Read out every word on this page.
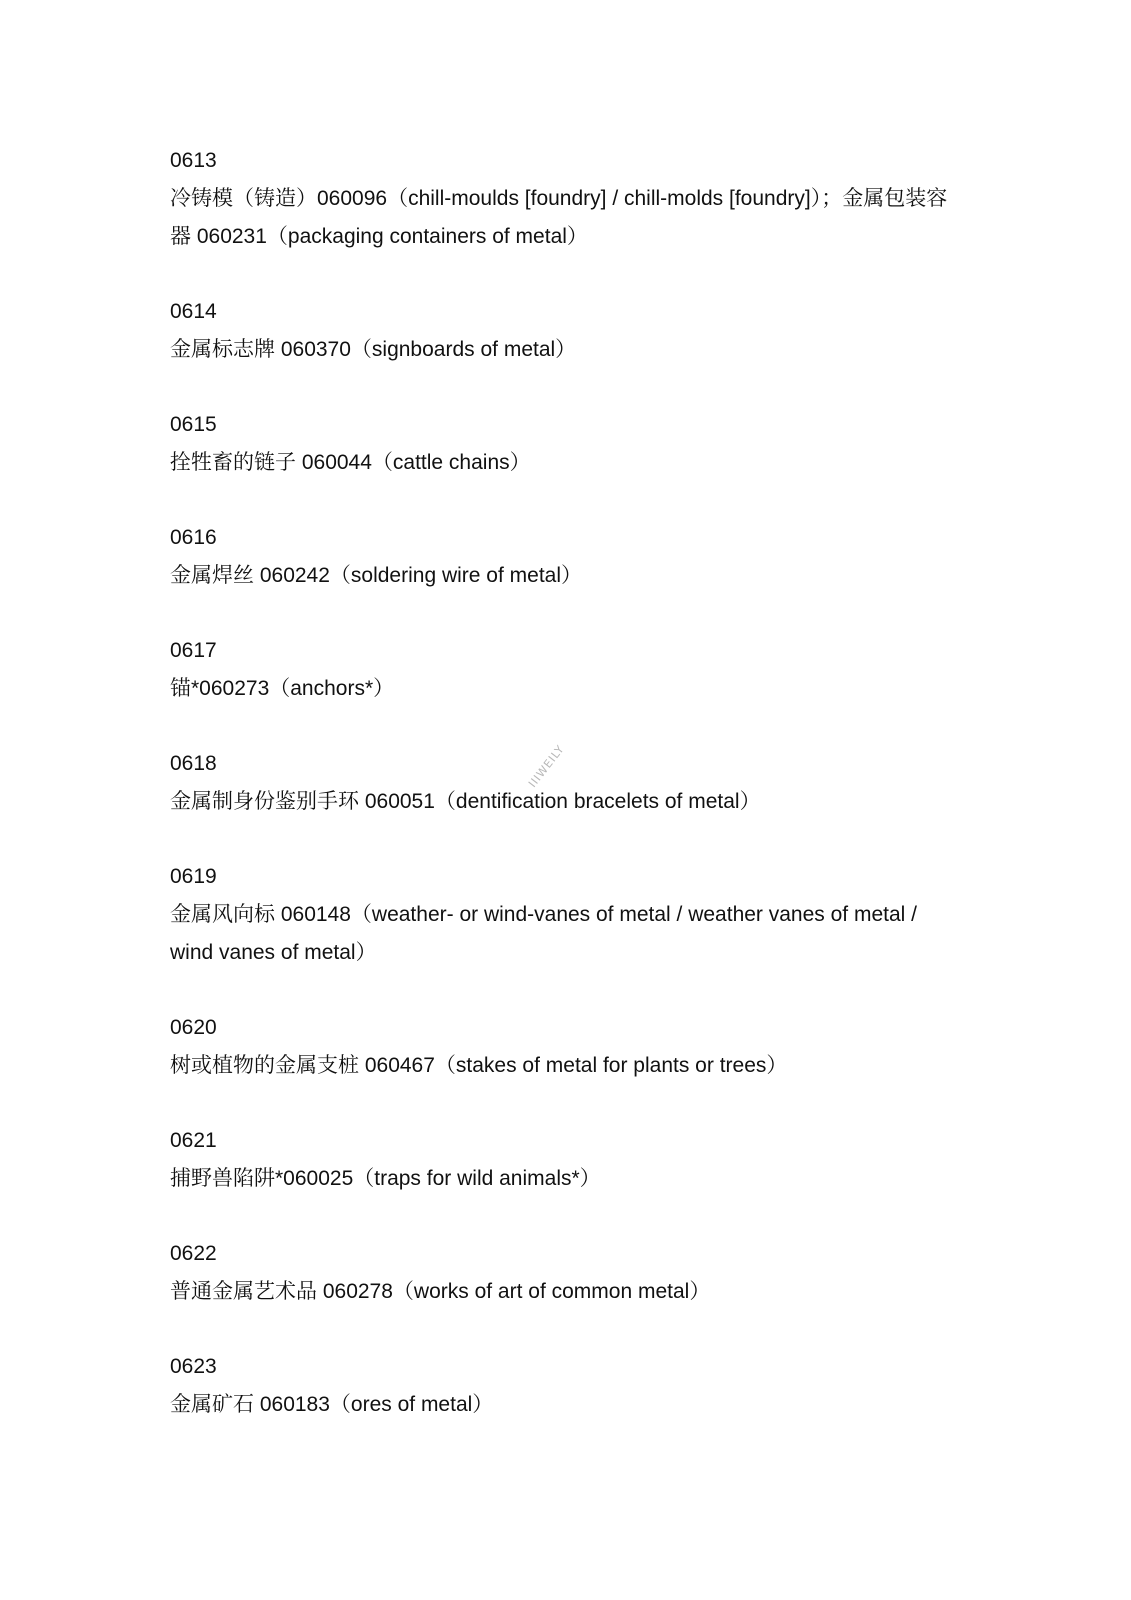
0613

冷铸模（铸造）060096（chill-moulds [foundry] / chill-molds [foundry]）；金属包装容器 060231（packaging containers of metal）

0614

金属标志牌 060370（signboards of metal）

0615

拴牲畜的链子 060044（cattle chains）

0616

金属焊丝 060242（soldering wire of metal）

0617

锚*060273（anchors*）

0618

金属制身份鉴别手环 060051（dentification bracelets of metal）

0619

金属风向标 060148（weather- or wind-vanes of metal / weather vanes of metal / wind vanes of metal）

0620

树或植物的金属支桩 060467（stakes of metal for plants or trees）

0621

捕野兽陷阱*060025（traps for wild animals*）

0622

普通金属艺术品 060278（works of art of common metal）

0623

金属矿石 060183（ores of metal）

IIIWEILY
